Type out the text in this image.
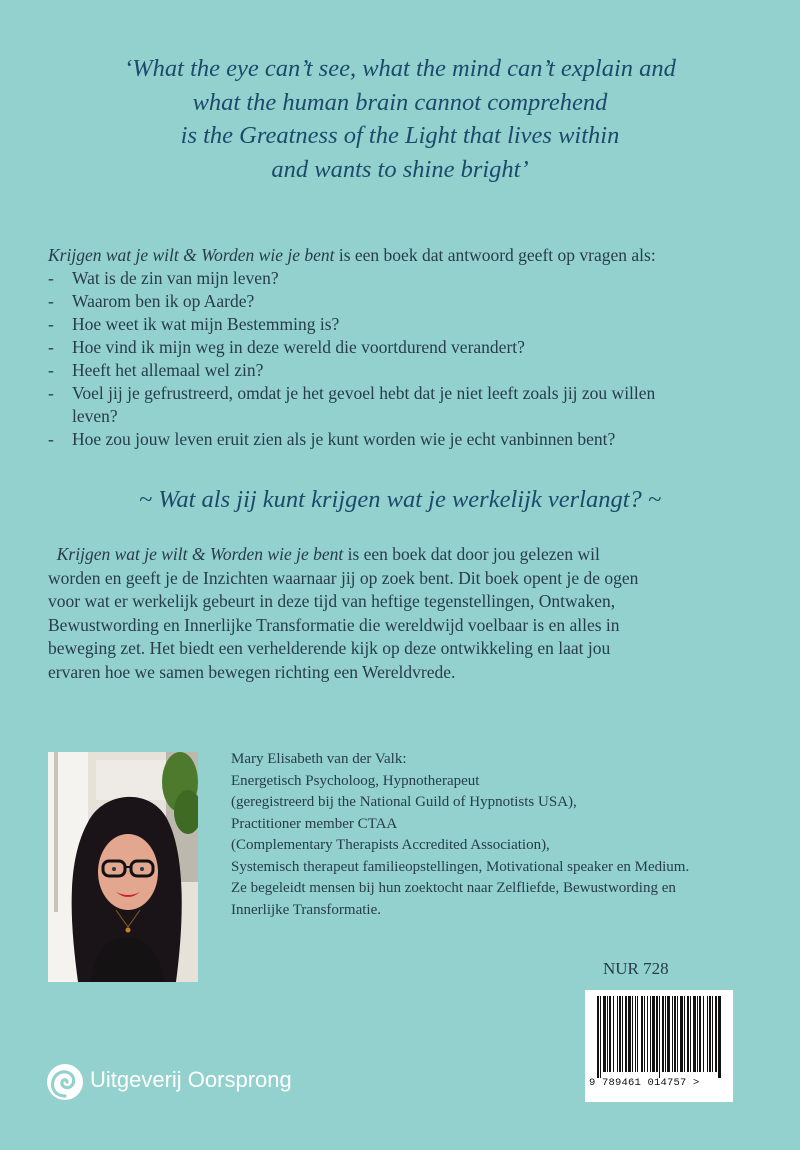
‘What the eye can’t see, what the mind can’t explain and
what the human brain cannot comprehend
is the Greatness of the Light that lives within
and wants to shine bright’
Krijgen wat je wilt & Worden wie je bent is een boek dat antwoord geeft op vragen als:
- Wat is de zin van mijn leven?
- Waarom ben ik op Aarde?
- Hoe weet ik wat mijn Bestemming is?
- Hoe vind ik mijn weg in deze wereld die voortdurend verandert?
- Heeft het allemaal wel zin?
- Voel jij je gefrustreerd, omdat je het gevoel hebt dat je niet leeft zoals jij zou willen leven?
- Hoe zou jouw leven eruit zien als je kunt worden wie je echt vanbinnen bent?
~ Wat als jij kunt krijgen wat je werkelijk verlangt? ~
Krijgen wat je wilt & Worden wie je bent is een boek dat door jou gelezen wil
worden en geeft je de Inzichten waarnaar jij op zoek bent. Dit boek opent je de ogen
voor wat er werkelijk gebeurt in deze tijd van heftige tegenstellingen, Ontwaken,
Bewustwording en Innerlijke Transformatie die wereldwijd voelbaar is en alles in
beweging zet. Het biedt een verhelderende kijk op deze ontwikkeling en laat jou
ervaren hoe we samen bewegen richting een Wereldvrede.
Mary Elisabeth van der Valk:
Energetisch Psycholoog, Hypnotherapeut
(geregistreerd bij the National Guild of Hypnotists USA),
Practitioner member CTAA
(Complementary Therapists Accredited Association),
Systemisch therapeut familieopstellingen, Motivational speaker en Medium.
Ze begeleidt mensen bij hun zoektocht naar Zelfliefde, Bewustwording en
Innerlijke Transformatie.
NUR 728
9 789461 014757 >
Uitgeverij Oorsprong
